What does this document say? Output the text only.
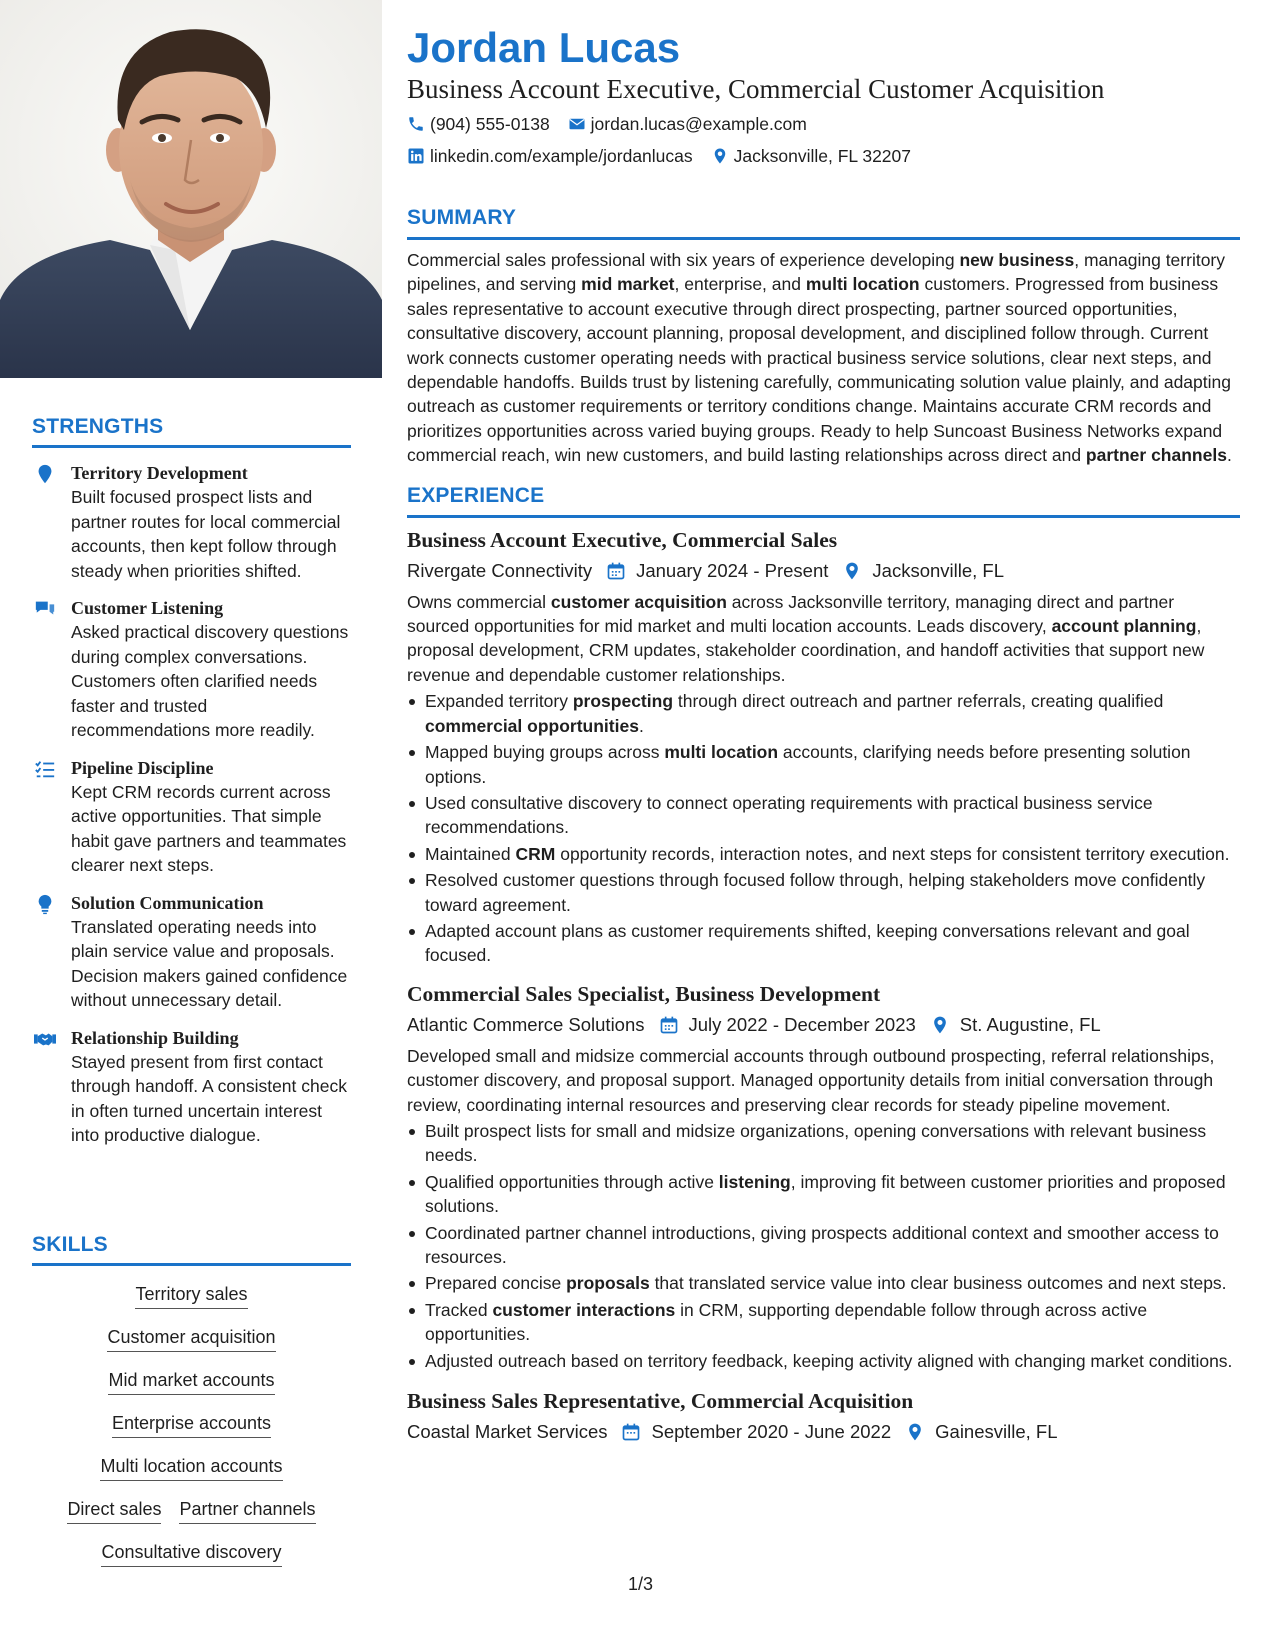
STRENGTHS
Territory Development
Built focused prospect lists and partner routes for local commercial accounts, then kept follow through steady when priorities shifted.
Customer Listening
Asked practical discovery questions during complex conversations. Customers often clarified needs faster and trusted recommendations more readily.
Pipeline Discipline
Kept CRM records current across active opportunities. That simple habit gave partners and teammates clearer next steps.
Solution Communication
Translated operating needs into plain service value and proposals. Decision makers gained confidence without unnecessary detail.
Relationship Building
Stayed present from first contact through handoff. A consistent check in often turned uncertain interest into productive dialogue.
SKILLS
Territory sales
Customer acquisition
Mid market accounts
Enterprise accounts
Multi location accounts
Direct sales Partner channels
Consultative discovery
Jordan Lucas
Business Account Executive, Commercial Customer Acquisition
(904) 555-0138 jordan.lucas@example.com
linkedin.com/example/jordanlucas Jacksonville, FL 32207
SUMMARY

Commercial sales professional with six years of experience developing new business, managing territory pipelines, and serving mid market, enterprise, and multi location customers. Progressed from business sales representative to account executive through direct prospecting, partner sourced opportunities, consultative discovery, account planning, proposal development, and disciplined follow through. Current work connects customer operating needs with practical business service solutions, clear next steps, and dependable handoffs. Builds trust by listening carefully, communicating solution value plainly, and adapting outreach as customer requirements or territory conditions change. Maintains accurate CRM records and prioritizes opportunities across varied buying groups. Ready to help Suncoast Business Networks expand commercial reach, win new customers, and build lasting relationships across direct and partner channels.

EXPERIENCE
Business Account Executive, Commercial Sales
Rivergate Connectivity January 2024 - Present Jacksonville, FL

Owns commercial customer acquisition across Jacksonville territory, managing direct and partner sourced opportunities for mid market and multi location accounts. Leads discovery, account planning, proposal development, CRM updates, stakeholder coordination, and handoff activities that support new revenue and dependable customer relationships.

Expanded territory prospecting through direct outreach and partner referrals, creating qualified commercial opportunities.
Mapped buying groups across multi location accounts, clarifying needs before presenting solution options.
Used consultative discovery to connect operating requirements with practical business service recommendations.
Maintained CRM opportunity records, interaction notes, and next steps for consistent territory execution.
Resolved customer questions through focused follow through, helping stakeholders move confidently toward agreement.
Adapted account plans as customer requirements shifted, keeping conversations relevant and goal focused.
Commercial Sales Specialist, Business Development
Atlantic Commerce Solutions July 2022 - December 2023 St. Augustine, FL

Developed small and midsize commercial accounts through outbound prospecting, referral relationships, customer discovery, and proposal support. Managed opportunity details from initial conversation through review, coordinating internal resources and preserving clear records for steady pipeline movement.

Built prospect lists for small and midsize organizations, opening conversations with relevant business needs.
Qualified opportunities through active listening, improving fit between customer priorities and proposed solutions.
Coordinated partner channel introductions, giving prospects additional context and smoother access to resources.
Prepared concise proposals that translated service value into clear business outcomes and next steps.
Tracked customer interactions in CRM, supporting dependable follow through across active opportunities.
Adjusted outreach based on territory feedback, keeping activity aligned with changing market conditions.
Business Sales Representative, Commercial Acquisition
Coastal Market Services September 2020 - June 2022 Gainesville, FL
1/3
